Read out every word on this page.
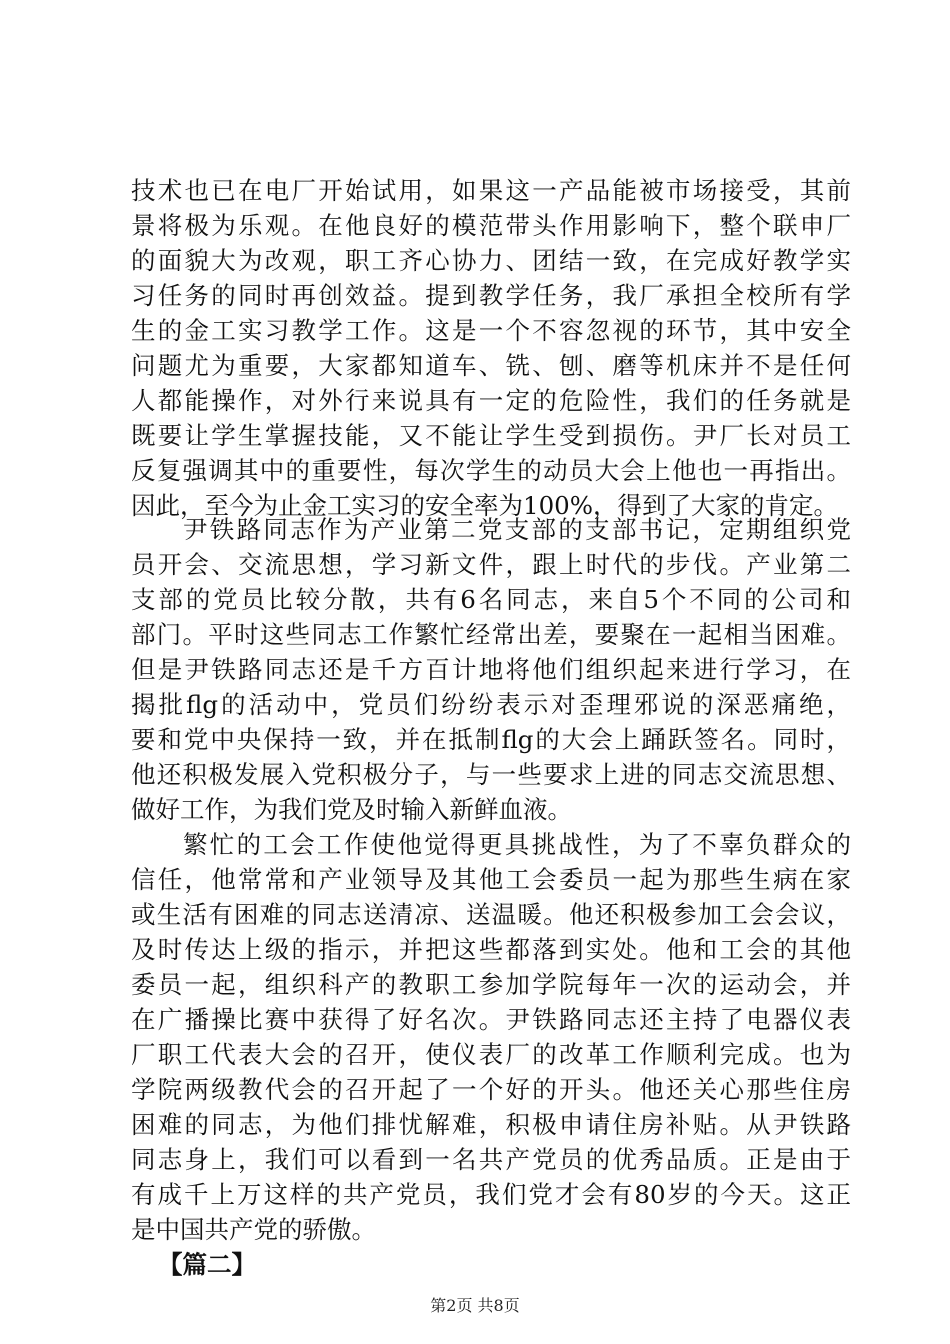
技术也已在电厂开始试用，如果这一产品能被市场接受，其前
景将极为乐观。在他良好的模范带头作用影响下，整个联申厂
的面貌大为改观，职工齐心协力、团结一致，在完成好教学实
习任务的同时再创效益。提到教学任务，我厂承担全校所有学
生的金工实习教学工作。这是一个不容忽视的环节，其中安全
问题尤为重要，大家都知道车、铣、刨、磨等机床并不是任何
人都能操作，对外行来说具有一定的危险性，我们的任务就是
既要让学生掌握技能，又不能让学生受到损伤。尹厂长对员工
反复强调其中的重要性，每次学生的动员大会上他也一再指出。
因此，至今为止金工实习的安全率为100%，得到了大家的肯定。
尹铁路同志作为产业第二党支部的支部书记，定期组织党
员开会、交流思想，学习新文件，跟上时代的步伐。产业第二
支部的党员比较分散，共有6名同志，来自5个不同的公司和
部门。平时这些同志工作繁忙经常出差，要聚在一起相当困难。
但是尹铁路同志还是千方百计地将他们组织起来进行学习，在
揭批flg的活动中，党员们纷纷表示对歪理邪说的深恶痛绝，
要和党中央保持一致，并在抵制flg的大会上踊跃签名。同时，
他还积极发展入党积极分子，与一些要求上进的同志交流思想、
做好工作，为我们党及时输入新鲜血液。
繁忙的工会工作使他觉得更具挑战性，为了不辜负群众的
信任，他常常和产业领导及其他工会委员一起为那些生病在家
或生活有困难的同志送清凉、送温暖。他还积极参加工会会议，
及时传达上级的指示，并把这些都落到实处。他和工会的其他
委员一起，组织科产的教职工参加学院每年一次的运动会，并
在广播操比赛中获得了好名次。尹铁路同志还主持了电器仪表
厂职工代表大会的召开，使仪表厂的改革工作顺利完成。也为
学院两级教代会的召开起了一个好的开头。他还关心那些住房
困难的同志，为他们排忧解难，积极申请住房补贴。从尹铁路
同志身上，我们可以看到一名共产党员的优秀品质。正是由于
有成千上万这样的共产党员，我们党才会有80岁的今天。这正
是中国共产党的骄傲。
【篇二】
第2页 共8页
